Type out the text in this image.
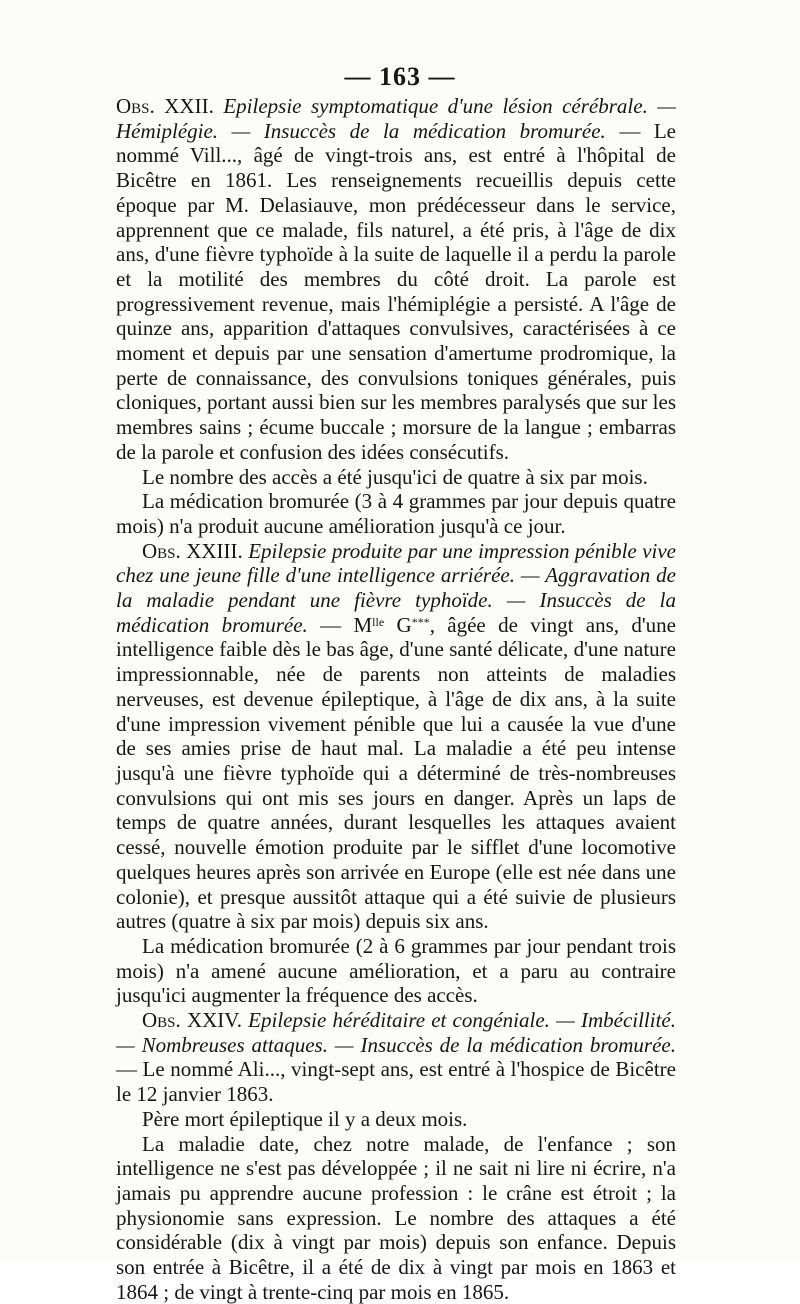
— 163 —

Obs. XXII. Epilepsie symptomatique d'une lésion cérébrale. — Hémiplégie. — Insuccès de la médication bromurée. — Le nommé Vill..., âgé de vingt-trois ans, est entré à l'hôpital de Bicêtre en 1861. Les renseignements recueillis depuis cette époque par M. Delasiauve, mon prédécesseur dans le service, apprennent que ce malade, fils naturel, a été pris, à l'âge de dix ans, d'une fièvre typhoïde à la suite de laquelle il a perdu la parole et la motilité des membres du côté droit. La parole est progressivement revenue, mais l'hémiplégie a persisté. A l'âge de quinze ans, apparition d'attaques convulsives, caractérisées à ce moment et depuis par une sensation d'amertume prodromique, la perte de connaissance, des convulsions toniques générales, puis cloniques, portant aussi bien sur les membres paralysés que sur les membres sains ; écume buccale ; morsure de la langue ; embarras de la parole et confusion des idées consécutifs.

Le nombre des accès a été jusqu'ici de quatre à six par mois.

La médication bromurée (3 à 4 grammes par jour depuis quatre mois) n'a produit aucune amélioration jusqu'à ce jour.

Obs. XXIII. Epilepsie produite par une impression pénible vive chez une jeune fille d'une intelligence arriérée. — Aggravation de la maladie pendant une fièvre typhoïde. — Insuccès de la médication bromurée. — $M^{lle}$ G***, âgée de vingt ans, d'une intelligence faible dès le bas âge, d'une santé délicate, d'une nature impressionnable, née de parents non atteints de maladies nerveuses, est devenue épileptique, à l'âge de dix ans, à la suite d'une impression vivement pénible que lui a causée la vue d'une de ses amies prise de haut mal. La maladie a été peu intense jusqu'à une fièvre typhoïde qui a déterminé de très-nombreuses convulsions qui ont mis ses jours en danger. Après un laps de temps de quatre années, durant lesquelles les attaques avaient cessé, nouvelle émotion produite par le sifflet d'une locomotive quelques heures après son arrivée en Europe (elle est née dans une colonie), et presque aussitôt attaque qui a été suivie de plusieurs autres (quatre à six par mois) depuis six ans.

La médication bromurée (2 à 6 grammes par jour pendant trois mois) n'a amené aucune amélioration, et a paru au contraire jusqu'ici augmenter la fréquence des accès.

Obs. XXIV. Epilepsie héréditaire et congéniale. — Imbécillité. — Nombreuses attaques. — Insuccès de la médication bromurée. — Le nommé Ali..., vingt-sept ans, est entré à l'hospice de Bicêtre le 12 janvier 1863.

Père mort épileptique il y a deux mois.

La maladie date, chez notre malade, de l'enfance ; son intelligence ne s'est pas développée ; il ne sait ni lire ni écrire, n'a jamais pu apprendre aucune profession : le crâne est étroit ; la physionomie sans expression. Le nombre des attaques a été considérable (dix à vingt par mois) depuis son enfance. Depuis son entrée à Bicêtre, il a été de dix à vingt par mois en 1863 et 1864 ; de vingt à trente-cinq par mois en 1865.
